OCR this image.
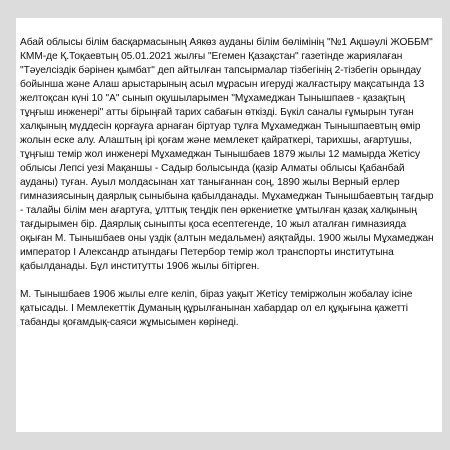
Абай облысы білім басқармасының Аякөз ауданы білім бөлімінің "№1 Ақшәулі ЖОББМ" КММ-де Қ.Тоқаевтың 05.01.2021 жылғы "Егемен Қазақстан" газетінде жариялаған "Тәуелсіздік бәрінен қымбат" деп айтылған тапсырмалар тізбегінің 2-тізбегін орындау бойынша және Алаш арыстарының асыл мұрасын игеруді жалғастыру мақсатында 13 желтоқсан күні 10 "А" сынып оқушыларымен "Мұхамеджан Тынышпаев - қазақтың тұңғыш инженері" атты бірыңғай тарих сабағын өткізді. Бүкіл саналы ғұмырын туған халқының мүддесін қорғауға арнаған біртуар тұлға Мұхамеджан Тынышпаевтың өмір жолын еске алу. Алаштың ірі қоғам және мемлекет қайраткері, тарихшы, ағартушы, тұңғыш темір жол инженері Мұхамеджан Тынышбаев 1879 жылы 12 мамырда Жетісу облысы Лепсі уезі Мақаншы - Садыр болысында (қазір Алматы облысы Қабанбай ауданы) туған. Ауыл молдасынан хат танығаннан соң, 1890 жылы Верный ерлер гимназиясының даярлық сыныбына қабылданады. Мұхамеджан Тынышбаевтың тағдыр - талайы білім мен ағартуға, ұлттық теңдік пен өркениетке ұмтылған қазақ халқының тағдырымен бір. Даярлық сыныпты қоса есептегенде, 10 жыл аталған гимназияда оқыған М. Тынышбаев оны үздік (алтын медальмен) аяқтайды. 1900 жылы Мұхамеджан император І Александр атындағы Петербор темір жол транспорты институтына қабылданады. Бұл институтты 1906 жылы бітірген.

М. Тынышбаев 1906 жылы елге келіп, біраз уақыт Жетісу теміржолын жобалау ісіне қатысады. І Мемлекеттік Думаның құрылғанынан хабардар ол ел құқығына қажетті табанды қоғамдық-саяси жұмысымен көрінеді.
